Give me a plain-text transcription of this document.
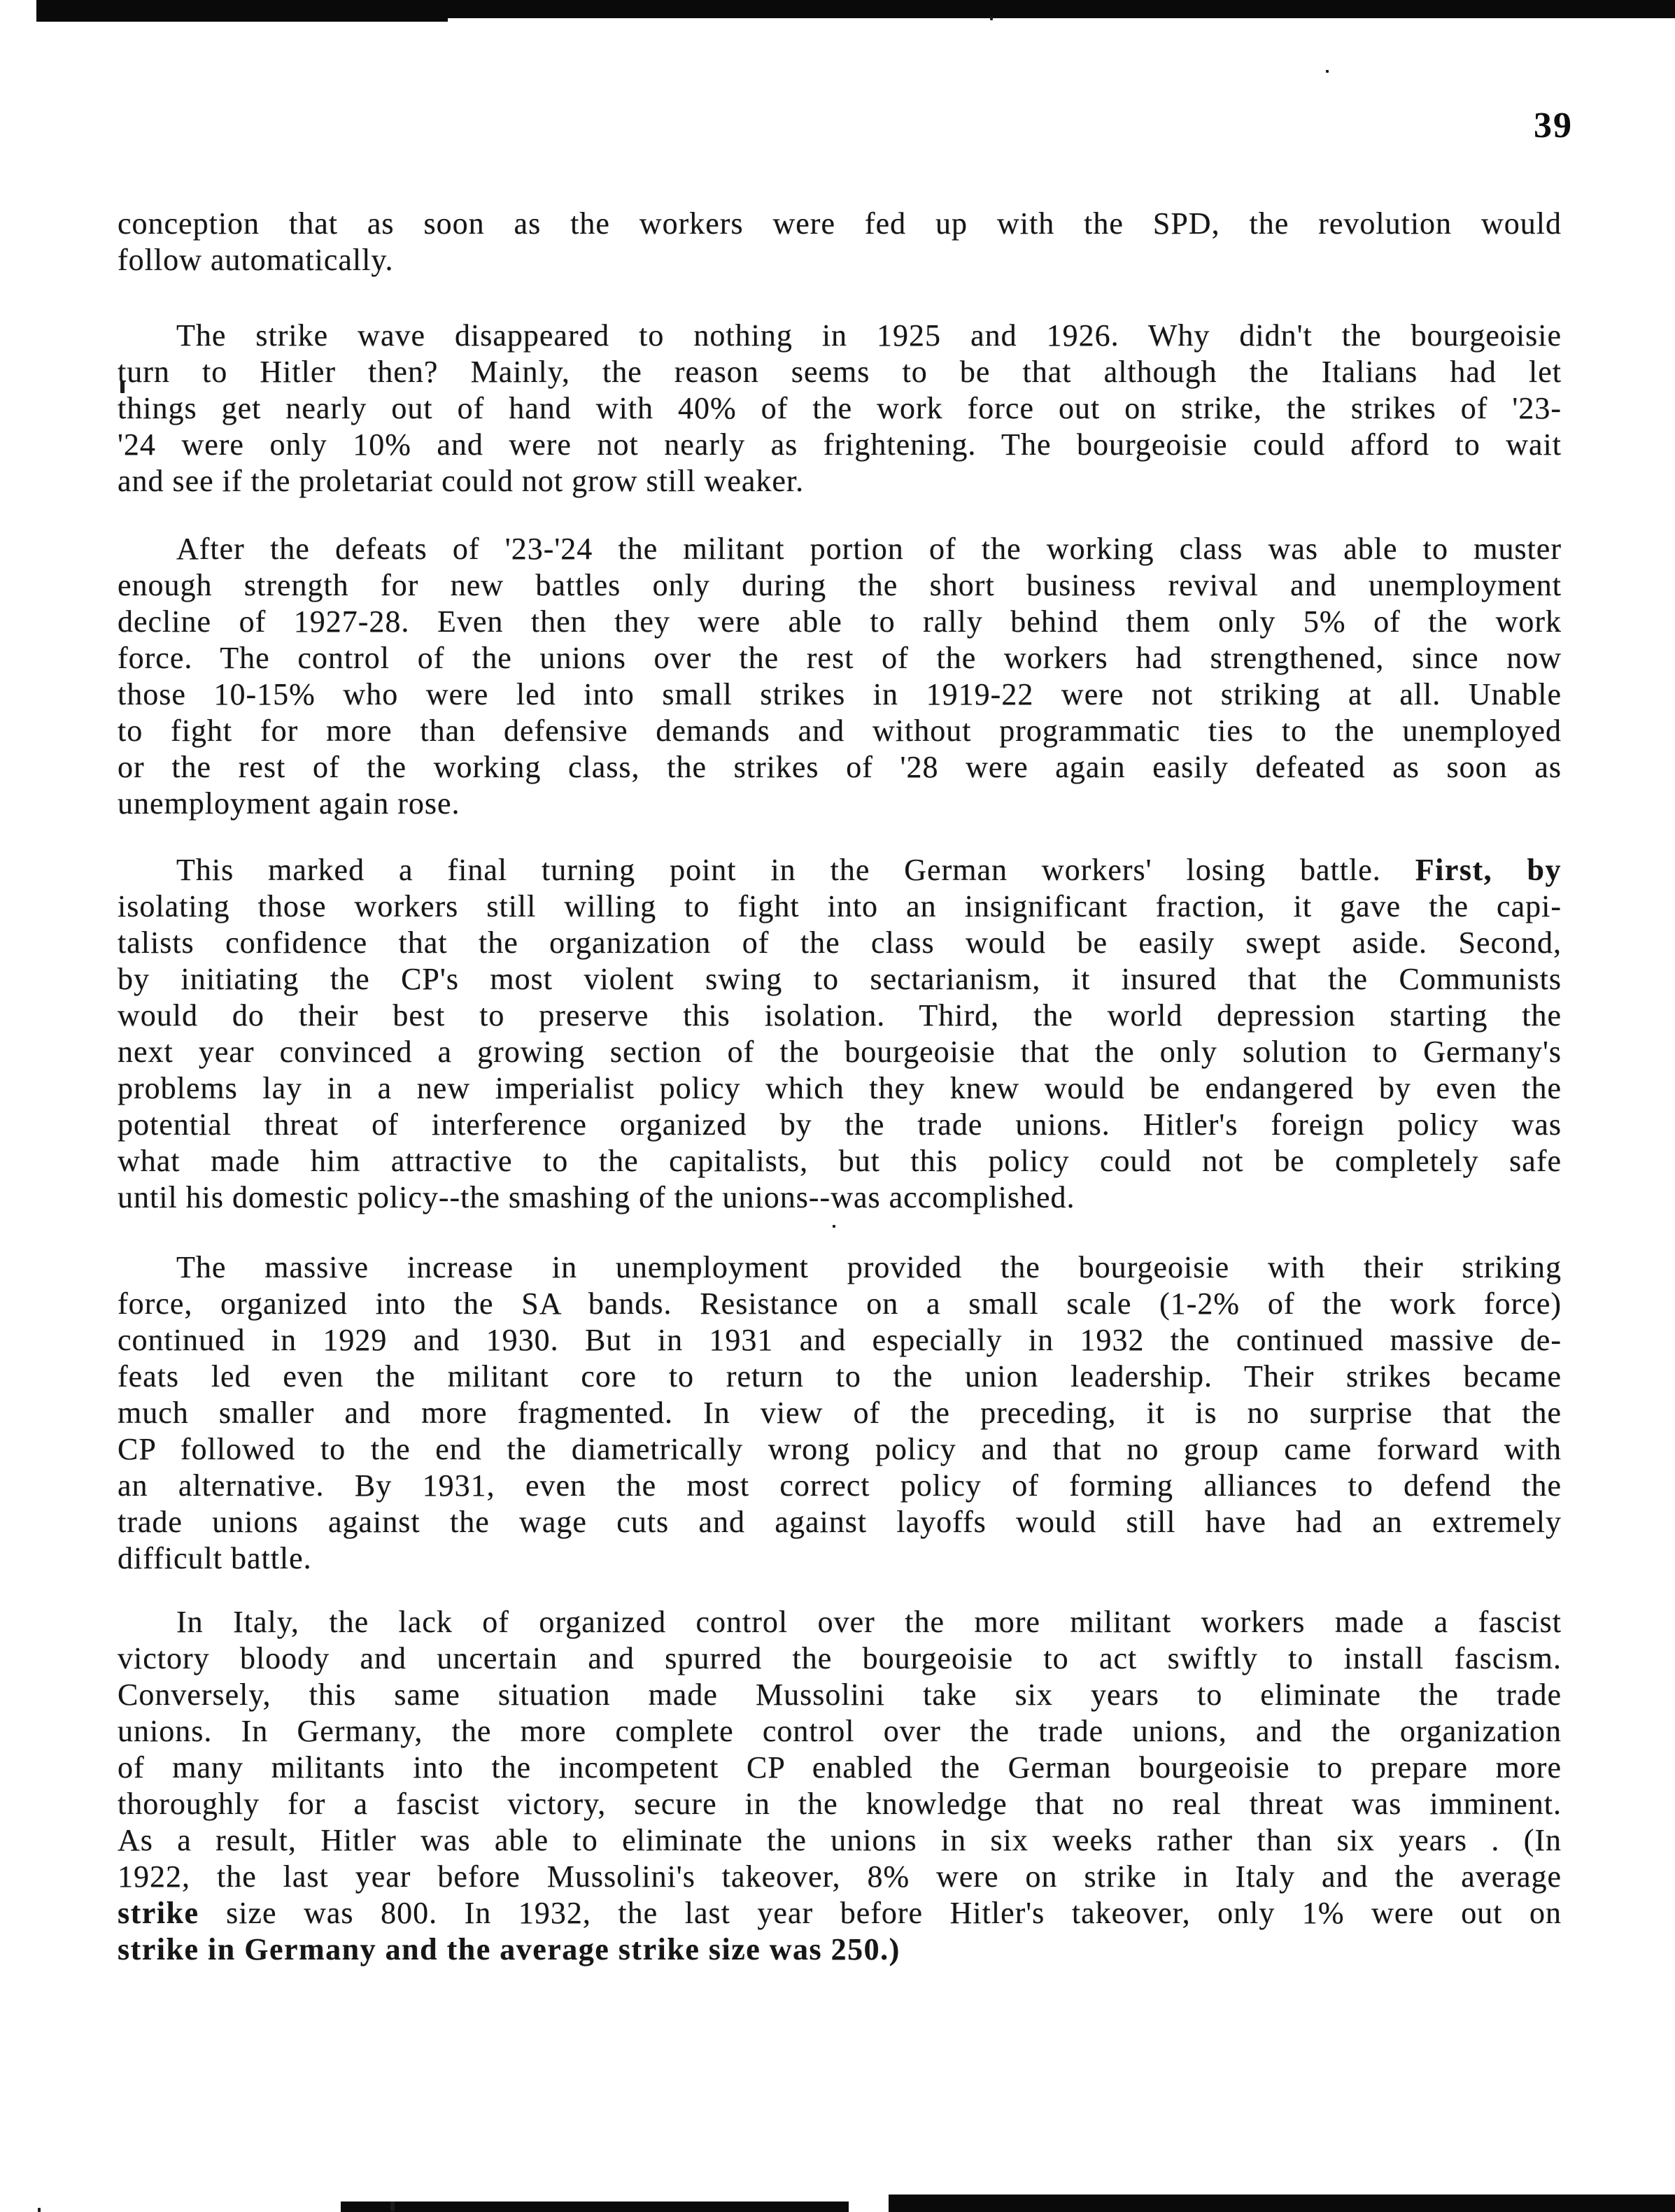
39
conception that as soon as the workers were fed up with the SPD, the revolution would
follow automatically.
The strike wave disappeared to nothing in 1925 and 1926. Why didn't the bourgeoisie
turn to Hitler then? Mainly, the reason seems to be that although the Italians had let
things get nearly out of hand with 40% of the work force out on strike, the strikes of '23-
'24 were only 10% and were not nearly as frightening. The bourgeoisie could afford to wait
and see if the proletariat could not grow still weaker.
After the defeats of '23-'24 the militant portion of the working class was able to muster
enough strength for new battles only during the short business revival and unemployment
decline of 1927-28. Even then they were able to rally behind them only 5% of the work
force. The control of the unions over the rest of the workers had strengthened, since now
those 10-15% who were led into small strikes in 1919-22 were not striking at all. Unable
to fight for more than defensive demands and without programmatic ties to the unemployed
or the rest of the working class, the strikes of '28 were again easily defeated as soon as
unemployment again rose.
This marked a final turning point in the German workers' losing battle. First, by
isolating those workers still willing to fight into an insignificant fraction, it gave the capi-
talists confidence that the organization of the class would be easily swept aside. Second,
by initiating the CP's most violent swing to sectarianism, it insured that the Communists
would do their best to preserve this isolation. Third, the world depression starting the
next year convinced a growing section of the bourgeoisie that the only solution to Germany's
problems lay in a new imperialist policy which they knew would be endangered by even the
potential threat of interference organized by the trade unions. Hitler's foreign policy was
what made him attractive to the capitalists, but this policy could not be completely safe
until his domestic policy--the smashing of the unions--was accomplished.
The massive increase in unemployment provided the bourgeoisie with their striking
force, organized into the SA bands. Resistance on a small scale (1-2% of the work force)
continued in 1929 and 1930. But in 1931 and especially in 1932 the continued massive de-
feats led even the militant core to return to the union leadership. Their strikes became
much smaller and more fragmented. In view of the preceding, it is no surprise that the
CP followed to the end the diametrically wrong policy and that no group came forward with
an alternative. By 1931, even the most correct policy of forming alliances to defend the
trade unions against the wage cuts and against layoffs would still have had an extremely
difficult battle.
In Italy, the lack of organized control over the more militant workers made a fascist
victory bloody and uncertain and spurred the bourgeoisie to act swiftly to install fascism.
Conversely, this same situation made Mussolini take six years to eliminate the trade
unions. In Germany, the more complete control over the trade unions, and the organization
of many militants into the incompetent CP enabled the German bourgeoisie to prepare more
thoroughly for a fascist victory, secure in the knowledge that no real threat was imminent.
As a result, Hitler was able to eliminate the unions in six weeks rather than six years . (In
1922, the last year before Mussolini's takeover, 8% were on strike in Italy and the average
strike size was 800. In 1932, the last year before Hitler's takeover, only 1% were out on
strike in Germany and the average strike size was 250.)
